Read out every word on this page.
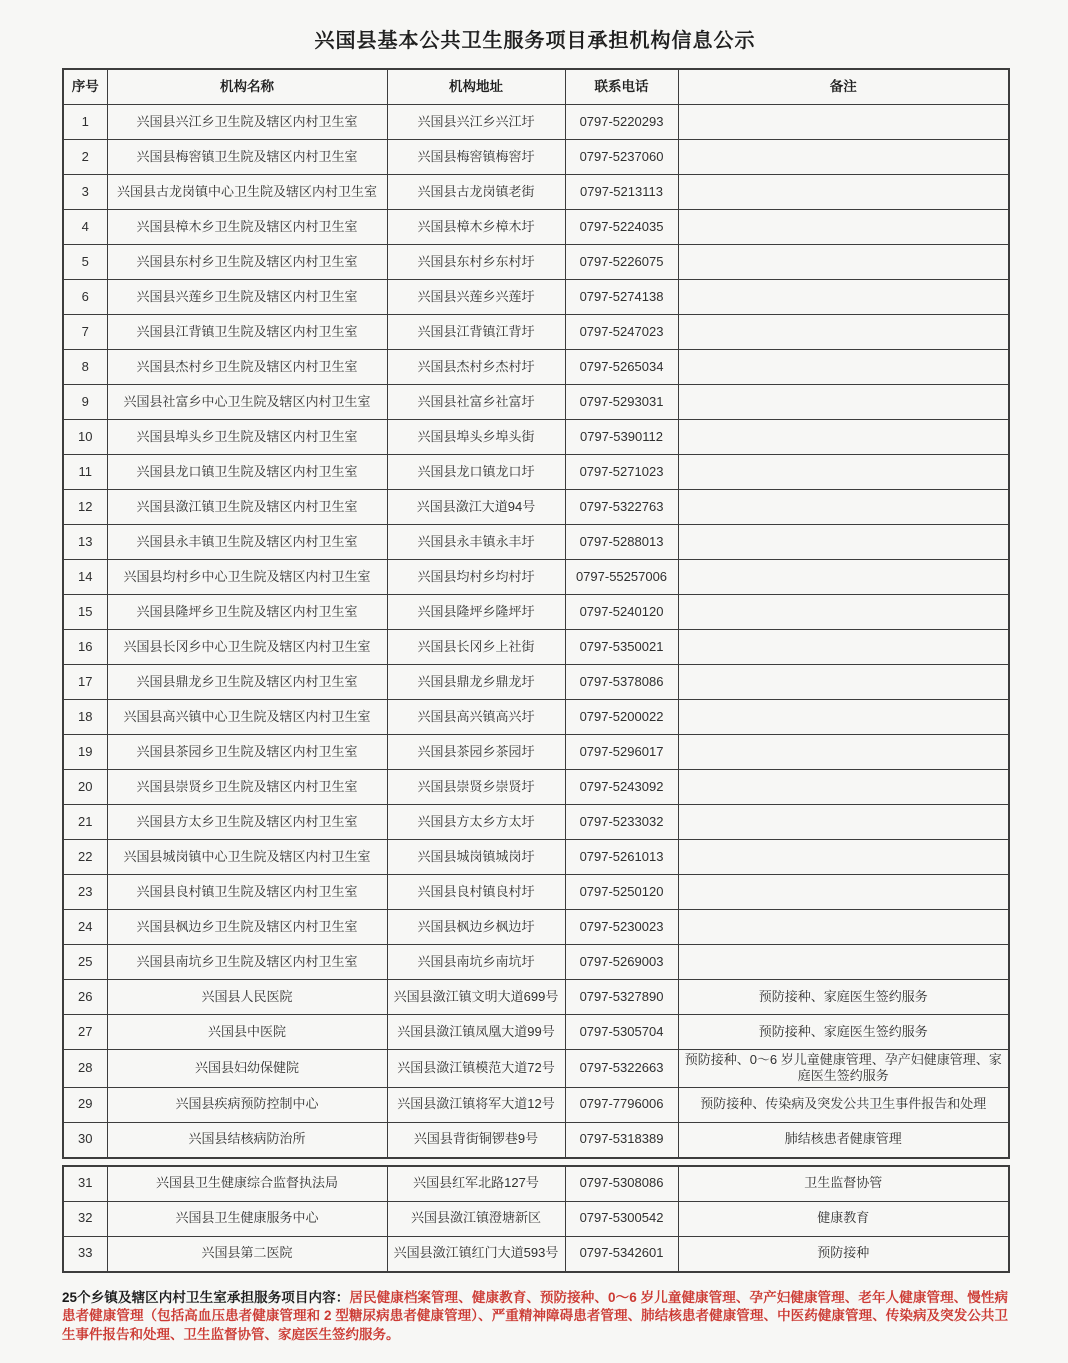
兴国县基本公共卫生服务项目承担机构信息公示
序号	机构名称	机构地址	联系电话	备注
1	兴国县兴江乡卫生院及辖区内村卫生室	兴国县兴江乡兴江圩	0797-5220293	
2	兴国县梅窖镇卫生院及辖区内村卫生室	兴国县梅窖镇梅窖圩	0797-5237060	
3	兴国县古龙岗镇中心卫生院及辖区内村卫生室	兴国县古龙岗镇老街	0797-5213113	
4	兴国县樟木乡卫生院及辖区内村卫生室	兴国县樟木乡樟木圩	0797-5224035	
5	兴国县东村乡卫生院及辖区内村卫生室	兴国县东村乡东村圩	0797-5226075	
6	兴国县兴莲乡卫生院及辖区内村卫生室	兴国县兴莲乡兴莲圩	0797-5274138	
7	兴国县江背镇卫生院及辖区内村卫生室	兴国县江背镇江背圩	0797-5247023	
8	兴国县杰村乡卫生院及辖区内村卫生室	兴国县杰村乡杰村圩	0797-5265034	
9	兴国县社富乡中心卫生院及辖区内村卫生室	兴国县社富乡社富圩	0797-5293031	
10	兴国县埠头乡卫生院及辖区内村卫生室	兴国县埠头乡埠头街	0797-5390112	
11	兴国县龙口镇卫生院及辖区内村卫生室	兴国县龙口镇龙口圩	0797-5271023	
12	兴国县潋江镇卫生院及辖区内村卫生室	兴国县潋江大道94号	0797-5322763	
13	兴国县永丰镇卫生院及辖区内村卫生室	兴国县永丰镇永丰圩	0797-5288013	
14	兴国县均村乡中心卫生院及辖区内村卫生室	兴国县均村乡均村圩	0797-55257006	
15	兴国县隆坪乡卫生院及辖区内村卫生室	兴国县隆坪乡隆坪圩	0797-5240120	
16	兴国县长冈乡中心卫生院及辖区内村卫生室	兴国县长冈乡上社街	0797-5350021	
17	兴国县鼎龙乡卫生院及辖区内村卫生室	兴国县鼎龙乡鼎龙圩	0797-5378086	
18	兴国县高兴镇中心卫生院及辖区内村卫生室	兴国县高兴镇高兴圩	0797-5200022	
19	兴国县茶园乡卫生院及辖区内村卫生室	兴国县茶园乡茶园圩	0797-5296017	
20	兴国县崇贤乡卫生院及辖区内村卫生室	兴国县崇贤乡崇贤圩	0797-5243092	
21	兴国县方太乡卫生院及辖区内村卫生室	兴国县方太乡方太圩	0797-5233032	
22	兴国县城岗镇中心卫生院及辖区内村卫生室	兴国县城岗镇城岗圩	0797-5261013	
23	兴国县良村镇卫生院及辖区内村卫生室	兴国县良村镇良村圩	0797-5250120	
24	兴国县枫边乡卫生院及辖区内村卫生室	兴国县枫边乡枫边圩	0797-5230023	
25	兴国县南坑乡卫生院及辖区内村卫生室	兴国县南坑乡南坑圩	0797-5269003	
26	兴国县人民医院	兴国县潋江镇文明大道699号	0797-5327890	预防接种、家庭医生签约服务
27	兴国县中医院	兴国县潋江镇凤凰大道99号	0797-5305704	预防接种、家庭医生签约服务
28	兴国县妇幼保健院	兴国县潋江镇模范大道72号	0797-5322663	预防接种、0～6 岁儿童健康管理、孕产妇健康管理、家庭医生签约服务
29	兴国县疾病预防控制中心	兴国县潋江镇将军大道12号	0797-7796006	预防接种、传染病及突发公共卫生事件报告和处理
30	兴国县结核病防治所	兴国县背街铜锣巷9号	0797-5318389	肺结核患者健康管理
31	兴国县卫生健康综合监督执法局	兴国县红军北路127号	0797-5308086	卫生监督协管
32	兴国县卫生健康服务中心	兴国县潋江镇澄塘新区	0797-5300542	健康教育
33	兴国县第二医院	兴国县潋江镇红门大道593号	0797-5342601	预防接种

25个乡镇及辖区内村卫生室承担服务项目内容：居民健康档案管理、健康教育、预防接种、0～6 岁儿童健康管理、孕产妇健康管理、老年人健康管理、慢性病患者健康管理（包括高血压患者健康管理和 2 型糖尿病患者健康管理）、严重精神障碍患者管理、肺结核患者健康管理、中医药健康管理、传染病及突发公共卫生事件报告和处理、卫生监督协管、家庭医生签约服务。
